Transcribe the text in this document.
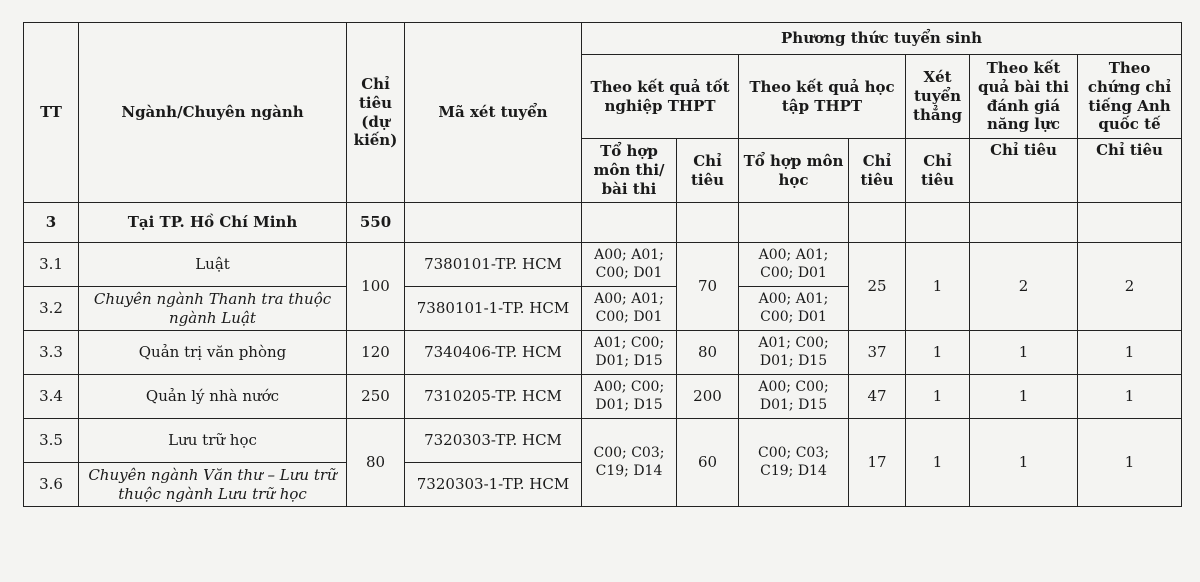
TT	Ngành/Chuyên ngành	Chỉ tiêu (dự kiến)	Mã xét tuyển	Phương thức tuyển sinh						
				Theo kết quả tốt nghiệp THPT		Theo kết quả học tập THPT		Xét tuyển thẳng	Theo kết quả bài thi đánh giá năng lực	Theo chứng chỉ tiếng Anh quốc tế
				Tổ hợp môn thi/ bài thi	Chỉ tiêu	Tổ hợp môn học	Chỉ tiêu	Chỉ tiêu	Chỉ tiêu	Chỉ tiêu
3	Tại TP. Hồ Chí Minh	550								
3.1	Luật	100	7380101-TP. HCM	A00; A01; C00; D01	70	A00; A01; C00; D01	25	1	2	2
3.2	Chuyên ngành Thanh tra thuộc ngành Luật		7380101-1-TP. HCM	A00; A01; C00; D01		A00; A01; C00; D01				
3.3	Quản trị văn phòng	120	7340406-TP. HCM	A01; C00; D01; D15	80	A01; C00; D01; D15	37	1	1	1
3.4	Quản lý nhà nước	250	7310205-TP. HCM	A00; C00; D01; D15	200	A00; C00; D01; D15	47	1	1	1
3.5	Lưu trữ học	80	7320303-TP. HCM	C00; C03; C19; D14	60	C00; C03; C19; D14	17	1	1	1
3.6	Chuyên ngành Văn thư – Lưu trữ thuộc ngành Lưu trữ học		7320303-1-TP. HCM							
